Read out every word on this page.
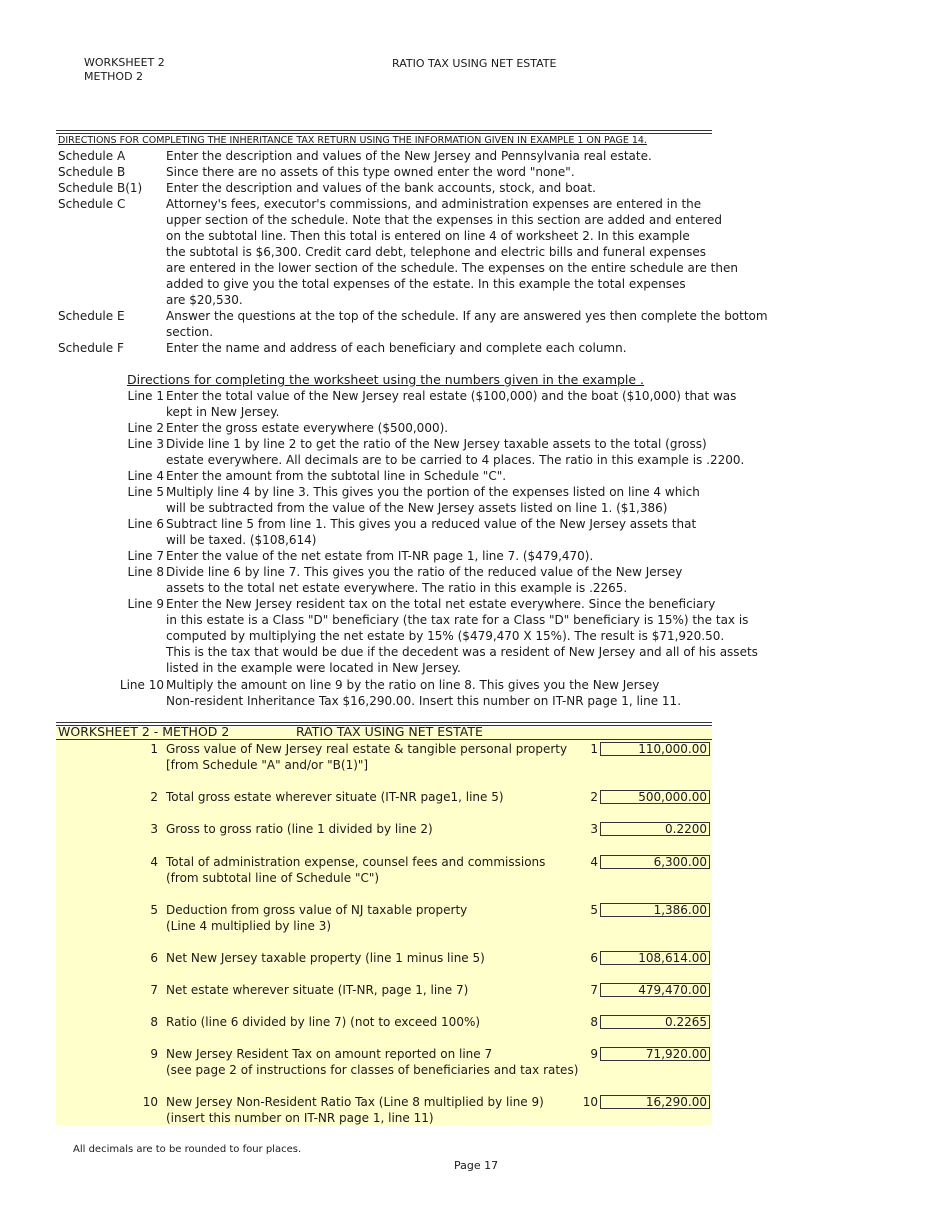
WORKSHEET 2
METHOD 2
RATIO TAX USING NET ESTATE
DIRECTIONS FOR COMPLETING THE INHERITANCE TAX RETURN USING THE INFORMATION GIVEN IN EXAMPLE 1 ON PAGE 14.
Schedule A	Enter the description and values of the New Jersey and Pennsylvania real estate.
Schedule B	Since there are no assets of this type owned enter the word "none".
Schedule B(1) Enter the description and values of the bank accounts, stock, and boat.
Schedule C	Attorney's fees, executor's commissions, and administration expenses are entered in the
upper section of the schedule. Note that the expenses in this section are added and entered
on the subtotal line. Then this total is entered on line 4 of worksheet 2. In this example
the subtotal is $6,300. Credit card debt, telephone and electric bills and funeral expenses
are entered in the lower section of the schedule. The expenses on the entire schedule are then
added to give you the total expenses of the estate. In this example the total expenses
are $20,530.
Schedule E	Answer the questions at the top of the schedule. If any are answered yes then complete the bottom
section.
Schedule F	Enter the name and address of each beneficiary and complete each column.
Directions for completing the worksheet using the numbers given in the example .
Line 1 Enter the total value of the New Jersey real estate ($100,000) and the boat ($10,000) that was
kept in New Jersey.
Line 2 Enter the gross estate everywhere ($500,000).
Line 3 Divide line 1 by line 2 to get the ratio of the New Jersey taxable assets to the total (gross)
estate everywhere. All decimals are to be carried to 4 places. The ratio in this example is .2200.
Line 4 Enter the amount from the subtotal line in Schedule "C".
Line 5 Multiply line 4 by line 3. This gives you the portion of the expenses listed on line 4 which
will be subtracted from the value of the New Jersey assets listed on line 1. ($1,386)
Line 6 Subtract line 5 from line 1. This gives you a reduced value of the New Jersey assets that
will be taxed. ($108,614)
Line 7 Enter the value of the net estate from IT-NR page 1, line 7. ($479,470).
Line 8 Divide line 6 by line 7. This gives you the ratio of the reduced value of the New Jersey
assets to the total net estate everywhere. The ratio in this example is .2265.
Line 9 Enter the New Jersey resident tax on the total net estate everywhere. Since the beneficiary
in this estate is a Class "D" beneficiary (the tax rate for a Class "D" beneficiary is 15%) the tax is
computed by multiplying the net estate by 15% ($479,470 X 15%). The result is $71,920.50.
This is the tax that would be due if the decedent was a resident of New Jersey and all of his assets
listed in the example were located in New Jersey.
Line 10 Multiply the amount on line 9 by the ratio on line 8. This gives you the New Jersey
Non-resident Inheritance Tax $16,290.00. Insert this number on IT-NR page 1, line 11.
WORKSHEET 2 - METHOD 2	RATIO TAX USING NET ESTATE
1 Gross value of New Jersey real estate & tangible personal property
[from Schedule "A" and/or "B(1)"]
1	110,000.00
2 Total gross estate wherever situate (IT-NR page1, line 5)	2	500,000.00
3 Gross to gross ratio (line 1 divided by line 2)	3	0.2200
4 Total of administration expense, counsel fees and commissions
(from subtotal line of Schedule "C")
4	6,300.00
5 Deduction from gross value of NJ taxable property
(Line 4 multiplied by line 3)
5	1,386.00
6 Net New Jersey taxable property (line 1 minus line 5)	6	108,614.00
7 Net estate wherever situate (IT-NR, page 1, line 7)	7	479,470.00
8 Ratio (line 6 divided by line 7) (not to exceed 100%)	8	0.2265
9 New Jersey Resident Tax on amount reported on line 7
(see page 2 of instructions for classes of beneficiaries and tax rates)
9	71,920.00
10 New Jersey Non-Resident Ratio Tax (Line 8 multiplied by line 9)
(insert this number on IT-NR page 1, line 11)
10	16,290.00
All decimals are to be rounded to four places.
Page 17
